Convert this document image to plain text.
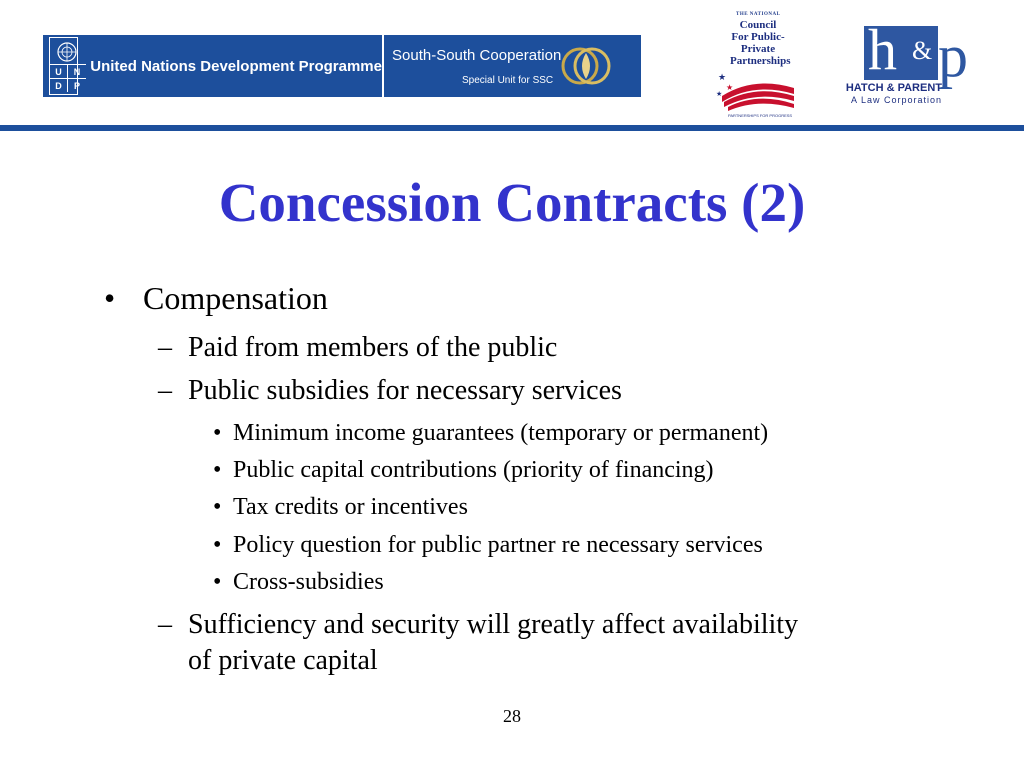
U	N
D	P
United Nations Development Programme
South-South Cooperation
Special Unit for SSC
THE NATIONAL
Council For Public-Private Partnerships
★
★
★
PARTNERSHIPS FOR PROGRESS
h & p
HATCH & PARENT
A Law Corporation
Concession Contracts (2)
• Compensation
– Paid from members of the public
– Public subsidies for necessary services
• Minimum income guarantees (temporary or permanent)
• Public capital contributions (priority of financing)
• Tax credits or incentives
• Policy question for public partner re necessary services
• Cross-subsidies
– Sufficiency and security will greatly affect availability
of private capital
28
